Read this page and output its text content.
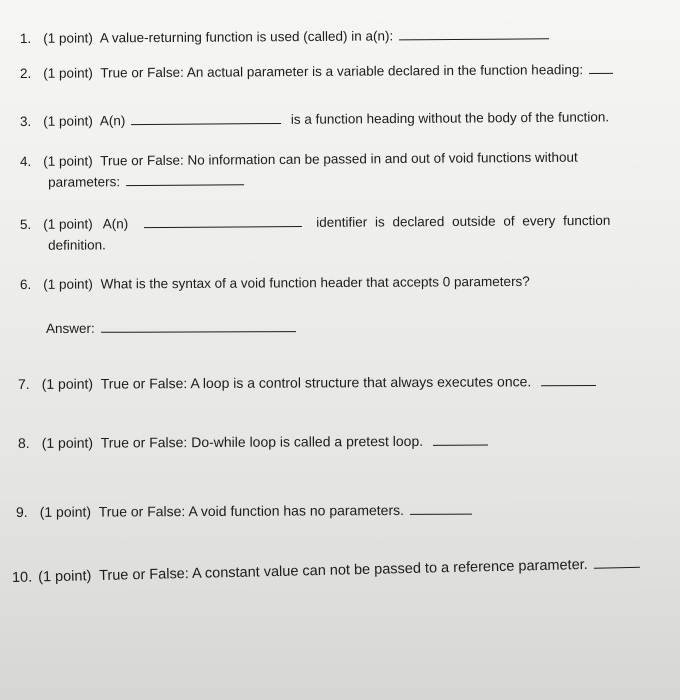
1. (1 point) A value-returning function is used (called) in a(n):
2. (1 point) True or False: An actual parameter is a variable declared in the function heading:
3. (1 point) A(n)	is a function heading without the body of the function.
4. (1 point) True or False: No information can be passed in and out of void functions without
parameters:
5. (1 point) A(n)	identifier is declared outside of every function
definition.
6. (1 point) What is the syntax of a void function header that accepts 0 parameters?
Answer:
7. (1 point) True or False: A loop is a control structure that always executes once.
8. (1 point) True or False: Do-while loop is called a pretest loop.
9. (1 point) True or False: A void function has no parameters.
10. (1 point) True or False: A constant value can not be passed to a reference parameter.
